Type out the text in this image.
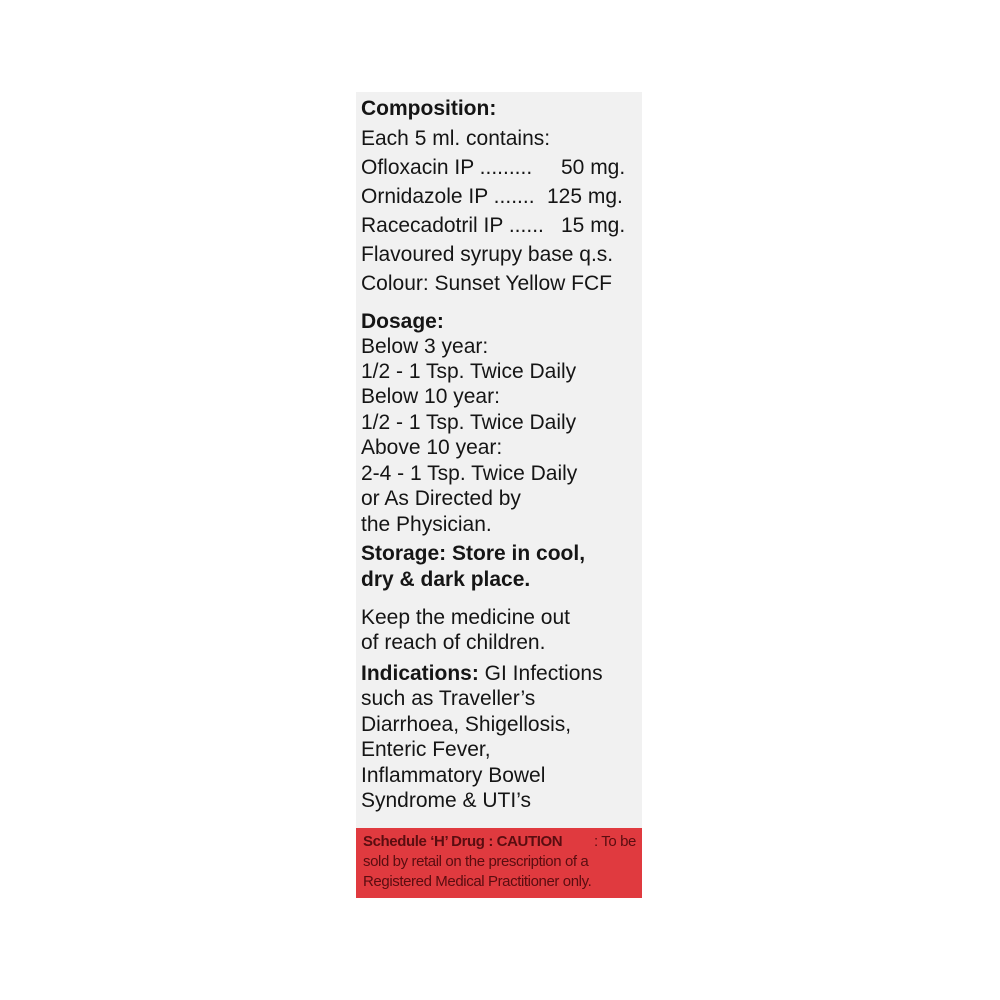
Composition:
Each 5 ml. contains:
Ofloxacin IP ......... 50 mg.
Ornidazole IP ....... 125 mg.
Racecadotril IP ...... 15 mg.
Flavoured syrupy base q.s.
Colour: Sunset Yellow FCF
Dosage:
Below 3 year:
1/2 - 1 Tsp. Twice Daily
Below 10 year:
1/2 - 1 Tsp. Twice Daily
Above 10 year:
2-4 - 1 Tsp. Twice Daily
or As Directed by
the Physician.
Storage: Store in cool,
dry & dark place.
Keep the medicine out
of reach of children.
Indications: GI Infections
such as Traveller’s
Diarrhoea, Shigellosis,
Enteric Fever,
Inflammatory Bowel
Syndrome & UTI’s
Schedule ‘H’ Drug : CAUTION : To be
sold by retail on the prescription of a
Registered Medical Practitioner only.
